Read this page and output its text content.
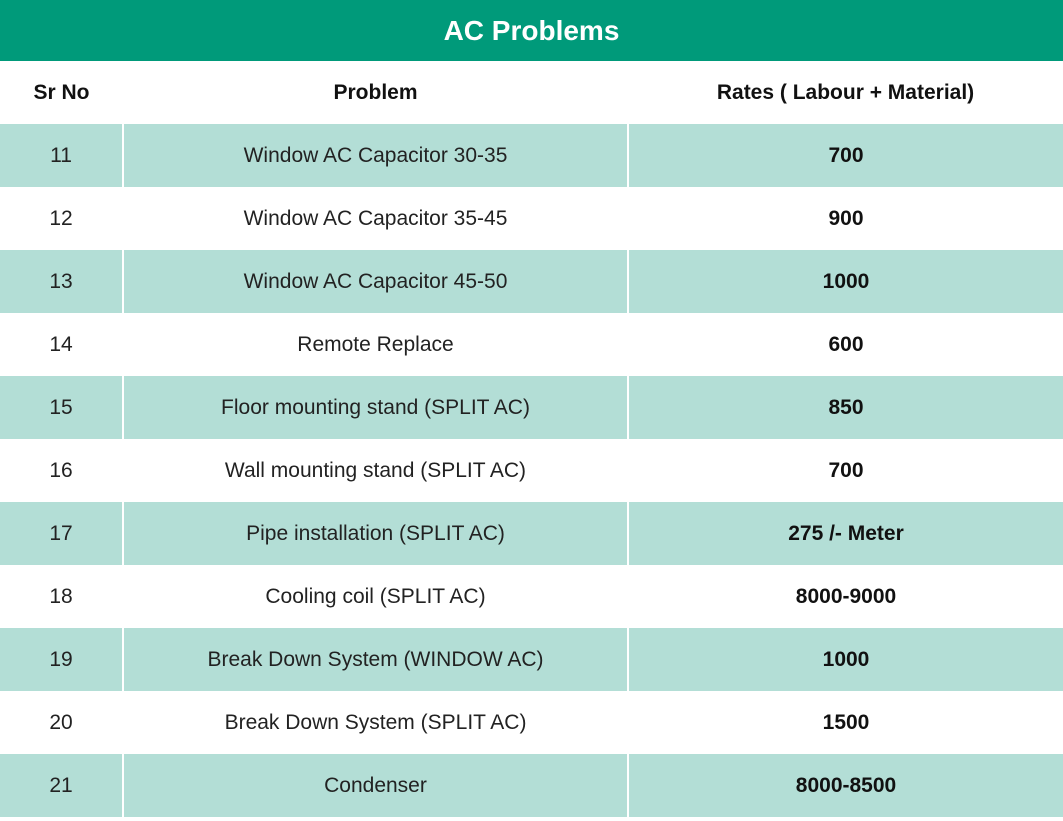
AC Problems
Sr No	Problem	Rates ( Labour + Material)
11	Window AC Capacitor 30-35	700
12	Window AC Capacitor 35-45	900
13	Window AC Capacitor 45-50	1000
14	Remote Replace	600
15	Floor mounting stand (SPLIT AC)	850
16	Wall mounting stand (SPLIT AC)	700
17	Pipe installation (SPLIT AC)	275 /- Meter
18	Cooling coil (SPLIT AC)	8000-9000
19	Break Down System (WINDOW AC)	1000
20	Break Down System (SPLIT AC)	1500
21	Condenser	8000-8500
